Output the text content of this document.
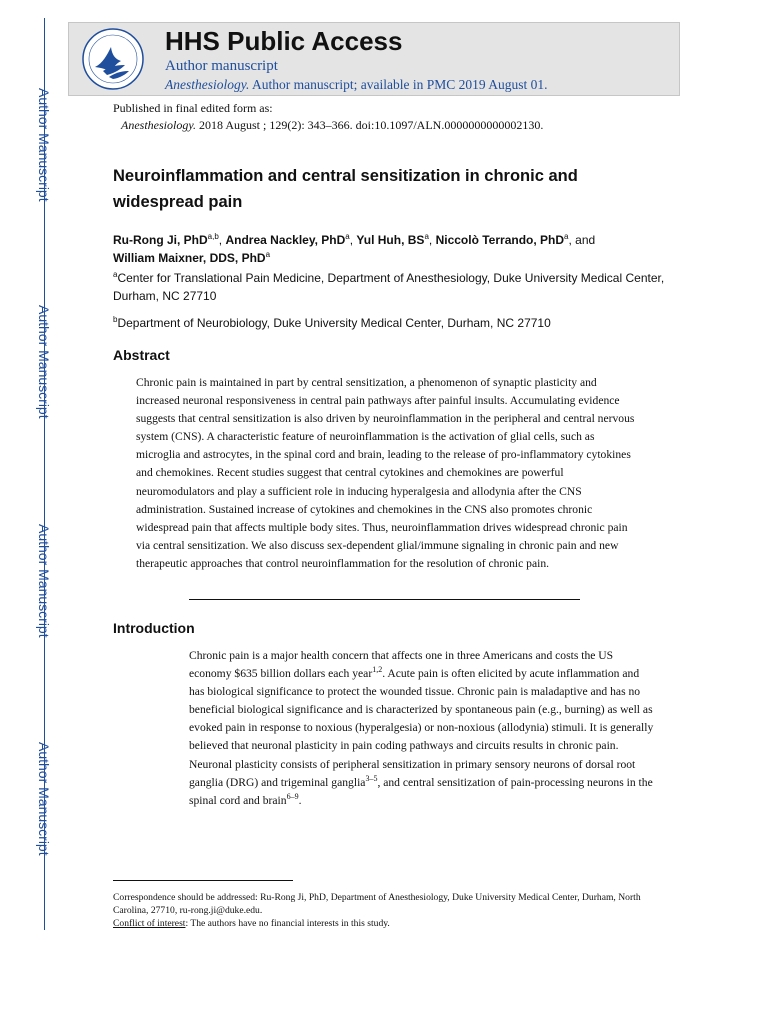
Author Manuscript
Author Manuscript
Author Manuscript
Author Manuscript
HHS Public Access
Author manuscript
Anesthesiology. Author manuscript; available in PMC 2019 August 01.
Published in final edited form as:
Anesthesiology. 2018 August ; 129(2): 343–366. doi:10.1097/ALN.0000000000002130.
Neuroinflammation and central sensitization in chronic and widespread pain
Ru-Rong Ji, PhD$^{a,b}$, Andrea Nackley, PhD$^a$, Yul Huh, $BS^a$, Niccolò Terrando, PhD$^a$, and
William Maixner, DDS, PhD$^a$
$^a$Center for Translational Pain Medicine, Department of Anesthesiology, Duke University Medical Center, Durham, NC 27710
$^b$Department of Neurobiology, Duke University Medical Center, Durham, NC 27710
Abstract
Chronic pain is maintained in part by central sensitization, a phenomenon of synaptic plasticity and increased neuronal responsiveness in central pain pathways after painful insults. Accumulating evidence suggests that central sensitization is also driven by neuroinflammation in the peripheral and central nervous system (CNS). A characteristic feature of neuroinflammation is the activation of glial cells, such as microglia and astrocytes, in the spinal cord and brain, leading to the release of pro-inflammatory cytokines and chemokines. Recent studies suggest that central cytokines and chemokines are powerful neuromodulators and play a sufficient role in inducing hyperalgesia and allodynia after the CNS administration. Sustained increase of cytokines and chemokines in the CNS also promotes chronic widespread pain that affects multiple body sites. Thus, neuroinflammation drives widespread chronic pain via central sensitization. We also discuss sex-dependent glial/immune signaling in chronic pain and new therapeutic approaches that control neuroinflammation for the resolution of chronic pain.
Introduction
Chronic pain is a major health concern that affects one in three Americans and costs the US economy $635 billion dollars each year$^{1,2}$. Acute pain is often elicited by acute inflammation and has biological significance to protect the wounded tissue. Chronic pain is maladaptive and has no beneficial biological significance and is characterized by spontaneous pain (e.g., burning) as well as evoked pain in response to noxious (hyperalgesia) or non-noxious (allodynia) stimuli. It is generally believed that neuronal plasticity in pain coding pathways and circuits results in chronic pain. Neuronal plasticity consists of peripheral sensitization in primary sensory neurons of dorsal root ganglia (DRG) and trigeminal ganglia$^{3-5}$, and central sensitization of pain-processing neurons in the spinal cord and brain$^{6-9}$.
Correspondence should be addressed: Ru-Rong Ji, PhD, Department of Anesthesiology, Duke University Medical Center, Durham, North Carolina, 27710, ru-rong.ji@duke.edu.
Conflict of interest: The authors have no financial interests in this study.
